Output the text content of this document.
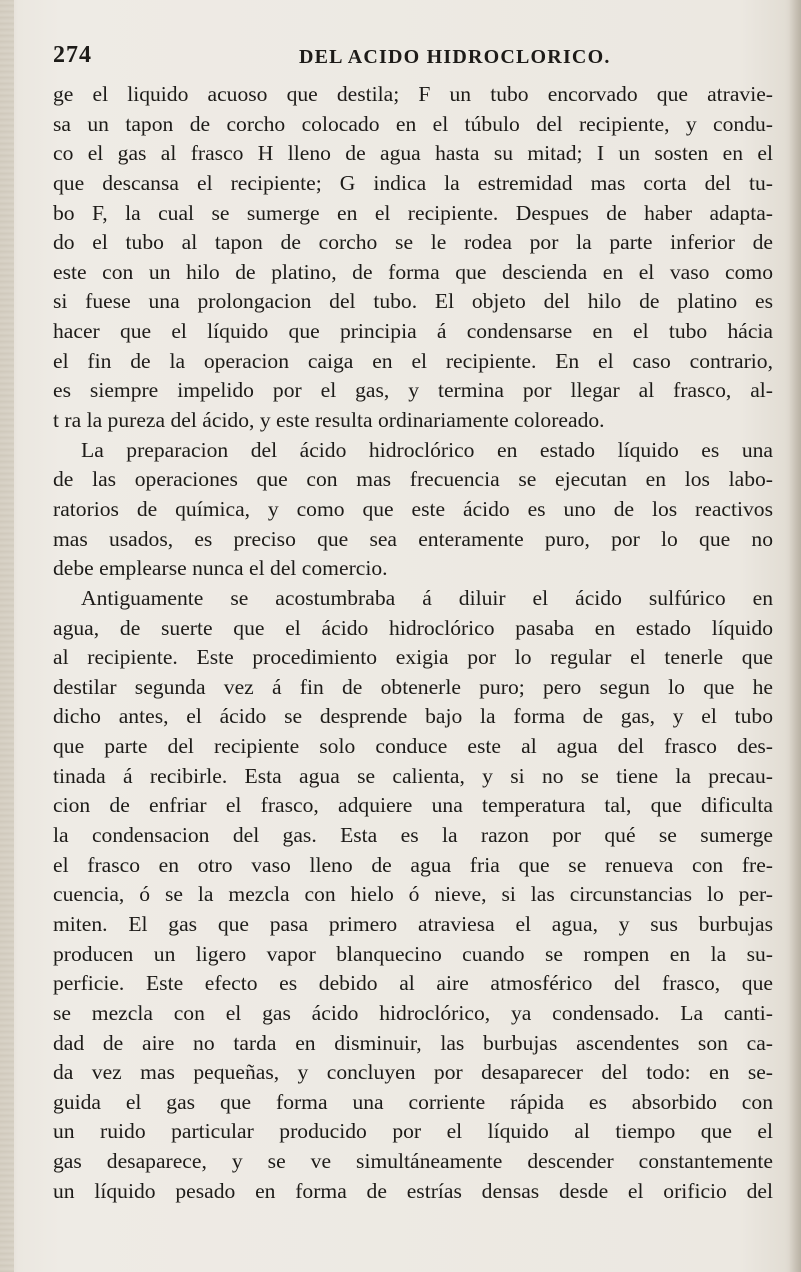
274	DEL ACIDO HIDROCLORICO.
ge el liquido acuoso que destila; F un tubo encorvado que atravie-
sa un tapon de corcho colocado en el túbulo del recipiente, y condu-
co el gas al frasco H lleno de agua hasta su mitad; I un sosten en el
que descansa el recipiente; G indica la estremidad mas corta del tu-
bo F, la cual se sumerge en el recipiente. Despues de haber adapta-
do el tubo al tapon de corcho se le rodea por la parte inferior de
este con un hilo de platino, de forma que descienda en el vaso como
si fuese una prolongacion del tubo. El objeto del hilo de platino es
hacer que el líquido que principia á condensarse en el tubo hácia
el fin de la operacion caiga en el recipiente. En el caso contrario,
es siempre impelido por el gas, y termina por llegar al frasco, al-
t ra la pureza del ácido, y este resulta ordinariamente coloreado.
La preparacion del ácido hidroclórico en estado líquido es una
de las operaciones que con mas frecuencia se ejecutan en los labo-
ratorios de química, y como que este ácido es uno de los reactivos
mas usados, es preciso que sea enteramente puro, por lo que no
debe emplearse nunca el del comercio.
Antiguamente se acostumbraba á diluir el ácido sulfúrico en
agua, de suerte que el ácido hidroclórico pasaba en estado líquido
al recipiente. Este procedimiento exigia por lo regular el tenerle que
destilar segunda vez á fin de obtenerle puro; pero segun lo que he
dicho antes, el ácido se desprende bajo la forma de gas, y el tubo
que parte del recipiente solo conduce este al agua del frasco des-
tinada á recibirle. Esta agua se calienta, y si no se tiene la precau-
cion de enfriar el frasco, adquiere una temperatura tal, que dificulta
la condensacion del gas. Esta es la razon por qué se sumerge
el frasco en otro vaso lleno de agua fria que se renueva con fre-
cuencia, ó se la mezcla con hielo ó nieve, si las circunstancias lo per-
miten. El gas que pasa primero atraviesa el agua, y sus burbujas
producen un ligero vapor blanquecino cuando se rompen en la su-
perficie. Este efecto es debido al aire atmosférico del frasco, que
se mezcla con el gas ácido hidroclórico, ya condensado. La canti-
dad de aire no tarda en disminuir, las burbujas ascendentes son ca-
da vez mas pequeñas, y concluyen por desaparecer del todo: en se-
guida el gas que forma una corriente rápida es absorbido con
un ruido particular producido por el líquido al tiempo que el
gas desaparece, y se ve simultáneamente descender constantemente
un líquido pesado en forma de estrías densas desde el orificio del
